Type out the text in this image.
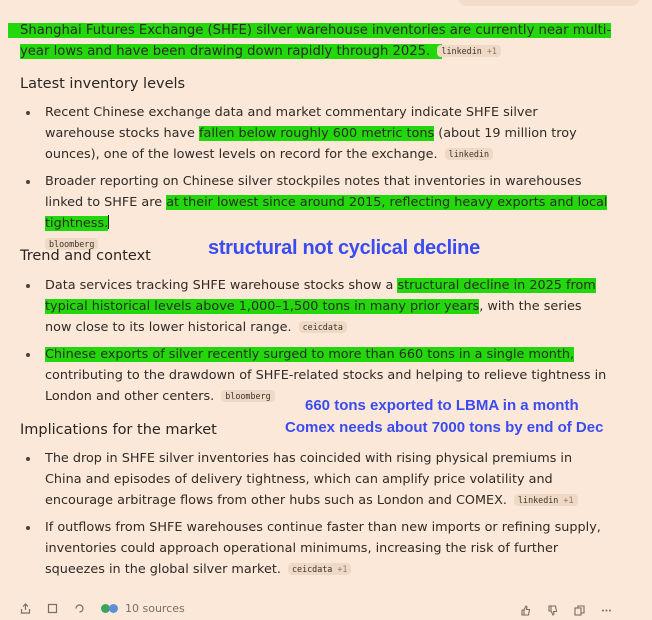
Shanghai Futures Exchange (SHFE) silver warehouse inventories are currently near multi-year lows and have been drawing down rapidly through 2025. linkedin +1
Latest inventory levels
Recent Chinese exchange data and market commentary indicate SHFE silver warehouse stocks have fallen below roughly 600 metric tons (about 19 million troy ounces), one of the lowest levels on record for the exchange. linkedin
Broader reporting on Chinese silver stockpiles notes that inventories in warehouses linked to SHFE are at their lowest since around 2015, reflecting heavy exports and local tightness.
bloomberg
Trend and context
Data services tracking SHFE warehouse stocks show a structural decline in 2025 from typical historical levels above 1,000–1,500 tons in many prior years, with the series now close to its lower historical range. ceicdata
Chinese exports of silver recently surged to more than 660 tons in a single month, contributing to the drawdown of SHFE-related stocks and helping to relieve tightness in London and other centers. bloomberg
Implications for the market
The drop in SHFE silver inventories has coincided with rising physical premiums in China and episodes of delivery tightness, which can amplify price volatility and encourage arbitrage flows from other hubs such as London and COMEX. linkedin +1
If outflows from SHFE warehouses continue faster than new imports or refining supply, inventories could approach operational minimums, increasing the risk of further squeezes in the global silver market. ceicdata +1
structural not cyclical decline
660 tons exported to LBMA in a month
Comex needs about 7000 tons by end of Dec
10 sources
